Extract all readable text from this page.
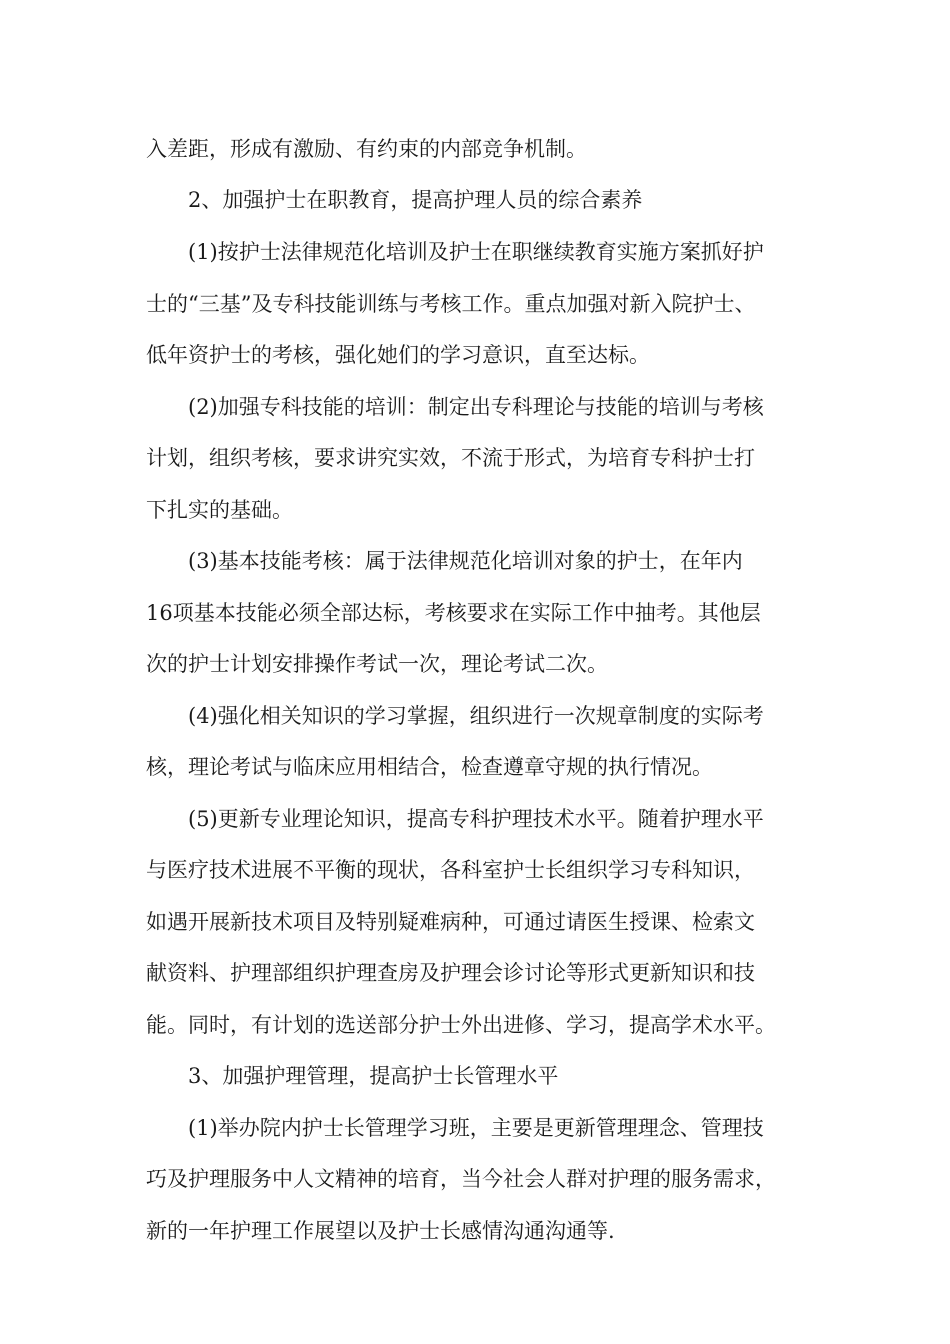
入差距，形成有激励、有约束的内部竞争机制。
2、加强护士在职教育，提高护理人员的综合素养
(1)按护士法律规范化培训及护士在职继续教育实施方案抓好护
士的“三基”及专科技能训练与考核工作。重点加强对新入院护士、
低年资护士的考核，强化她们的学习意识，直至达标。
(2)加强专科技能的培训：制定出专科理论与技能的培训与考核
计划，组织考核，要求讲究实效，不流于形式，为培育专科护士打
下扎实的基础。
(3)基本技能考核：属于法律规范化培训对象的护士，在年内
16项基本技能必须全部达标，考核要求在实际工作中抽考。其他层
次的护士计划安排操作考试一次，理论考试二次。
(4)强化相关知识的学习掌握，组织进行一次规章制度的实际考
核，理论考试与临床应用相结合，检查遵章守规的执行情况。
(5)更新专业理论知识，提高专科护理技术水平。随着护理水平
与医疗技术进展不平衡的现状，各科室护士长组织学习专科知识，
如遇开展新技术项目及特别疑难病种，可通过请医生授课、检索文
献资料、护理部组织护理查房及护理会诊讨论等形式更新知识和技
能。同时，有计划的选送部分护士外出进修、学习，提高学术水平。
3、加强护理管理，提高护士长管理水平
(1)举办院内护士长管理学习班，主要是更新管理理念、管理技
巧及护理服务中人文精神的培育，当今社会人群对护理的服务需求，
新的一年护理工作展望以及护士长感情沟通沟通等.
